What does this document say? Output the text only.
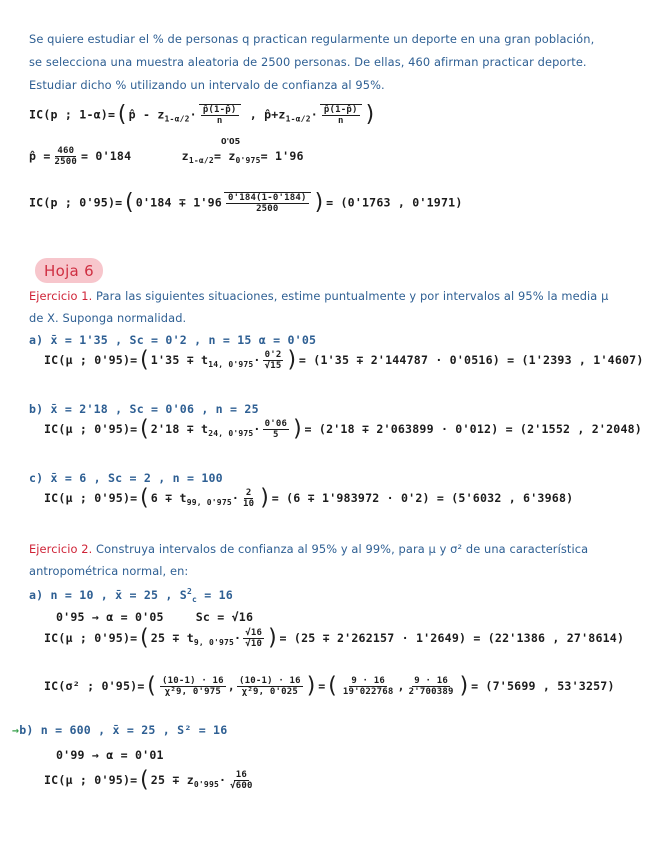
Se quiere estudiar el % de personas q practican regularmente un deporte en una gran población,
se selecciona una muestra aleatoria de 2500 personas. De ellas, 460 afirman practicar deporte.
Estudiar dicho % utilizando un intervalo de confianza al 95%.
IC(p ; 1-α)=(p̂ - $z_{1-\alpha/2}\cdot \frac{p̂(1-p̂)}{n}$ , $p̂+z_{1-\alpha/2}\cdot \frac{p̂(1-p̂)}{n}$ )
0'05
p̂ = $\frac{460}{2500} = 0'184$	$z_{1-\alpha/2}= z_{0'975}= 1'96$
IC(p ; $0'95)=(0'184 \mp 1'96 \frac{0'184(1-0'184)}{2500}$ )= (0'1763 , 0'1971)
Hoja 6
Ejercicio 1. Para las siguientes situaciones, estime puntualmente y por intervalos al 95% la media μ
de X. Suponga normalidad.
a) x̄ = 1'35 , Sc = 0'2 , n = 15 α = 0'05
IC(μ ; $0'95)=(1'35 \mp t_{14, 0'975}\cdot \frac{0'2}{√15}$ )= (1'35 ∓ 2'144787 · 0'0516) = (1'2393 , 1'4607)
b) x̄ = 2'18 , Sc = 0'06 , n = 25
IC(μ ; $0'95)=(2'18 \mp t_{24, 0'975}\cdot \frac{0'06}{5}$ )= (2'18 ∓ 2'063899 · 0'012) = (2'1552 , 2'2048)
c) x̄ = 6 , Sc = 2 , n = 100
IC(μ ; $0'95)=(6 \mp t_{99, 0'975}\cdot \frac{2}{10}$ )= (6 ∓ 1'983972 · 0'2) = (5'6032 , 6'3968)
Ejercicio 2. Construya intervalos de confianza al 95% y al 99%, para μ y σ² de una característica
antropométrica normal, en:
a) n = 10 , x̄ = 25 , $S^2_c = 16$
0'95 → α = 0'05	Sc = √16
IC(μ ; $0'95)=(25 \mp t_{9, 0'975}\cdot \frac{√16}{√10}$ )= (25 ∓ 2'262157 · 1'2649) = (22'1386 , 27'8614)
IC(σ² ; $0'95)=( \frac{(10-1) \cdot 16}{\text{χ²9, 0'975}}$ , $\frac{(10-1) \cdot 16}{\text{χ²9, 0'025}}$ )=( $\frac{9 \cdot 16}{19'022768}$ , $\frac{9 \cdot 16}{2'700389}$ )= (7'5699 , 53'3257)
→b) n = 600 , x̄ = 25 , S² = 16
0'99 → α = 0'01
IC(μ ; $0'95)=(25 \mp z_{0'995}\cdot \frac{16}{√600}$
